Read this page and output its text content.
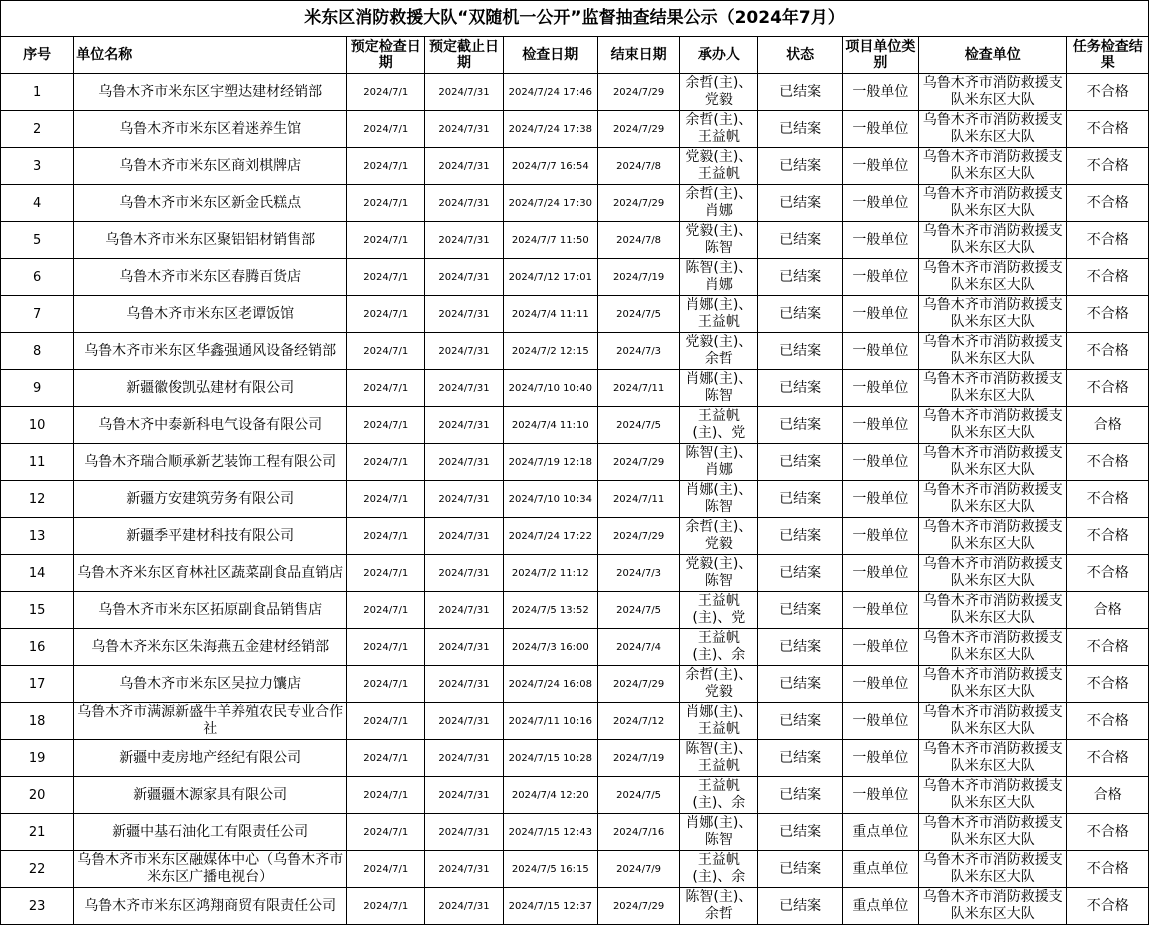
米东区消防救援大队“双随机一公开”监督抽查结果公示（2024年7月）										
序号	单位名称	预定检查日期	预定截止日期	检查日期	结束日期	承办人	状态	项目单位类别	检查单位	任务检查结果
1	乌鲁木齐市米东区宇塑达建材经销部	2024/7/1	2024/7/31	2024/7/24 17:46	2024/7/29	余哲(主)、党毅	已结案	一般单位	乌鲁木齐市消防救援支队米东区大队	不合格
2	乌鲁木齐市米东区着迷养生馆	2024/7/1	2024/7/31	2024/7/24 17:38	2024/7/29	余哲(主)、王益帆	已结案	一般单位	乌鲁木齐市消防救援支队米东区大队	不合格
3	乌鲁木齐市米东区商刘棋牌店	2024/7/1	2024/7/31	2024/7/7 16:54	2024/7/8	党毅(主)、王益帆	已结案	一般单位	乌鲁木齐市消防救援支队米东区大队	不合格
4	乌鲁木齐市米东区新金氏糕点	2024/7/1	2024/7/31	2024/7/24 17:30	2024/7/29	余哲(主)、肖娜	已结案	一般单位	乌鲁木齐市消防救援支队米东区大队	不合格
5	乌鲁木齐市米东区聚铝铝材销售部	2024/7/1	2024/7/31	2024/7/7 11:50	2024/7/8	党毅(主)、陈智	已结案	一般单位	乌鲁木齐市消防救援支队米东区大队	不合格
6	乌鲁木齐市米东区春腾百货店	2024/7/1	2024/7/31	2024/7/12 17:01	2024/7/19	陈智(主)、肖娜	已结案	一般单位	乌鲁木齐市消防救援支队米东区大队	不合格
7	乌鲁木齐市米东区老谭饭馆	2024/7/1	2024/7/31	2024/7/4 11:11	2024/7/5	肖娜(主)、王益帆	已结案	一般单位	乌鲁木齐市消防救援支队米东区大队	不合格
8	乌鲁木齐市米东区华鑫强通风设备经销部	2024/7/1	2024/7/31	2024/7/2 12:15	2024/7/3	党毅(主)、余哲	已结案	一般单位	乌鲁木齐市消防救援支队米东区大队	不合格
9	新疆徽俊凯弘建材有限公司	2024/7/1	2024/7/31	2024/7/10 10:40	2024/7/11	肖娜(主)、陈智	已结案	一般单位	乌鲁木齐市消防救援支队米东区大队	不合格
10	乌鲁木齐中泰新科电气设备有限公司	2024/7/1	2024/7/31	2024/7/4 11:10	2024/7/5	王益帆(主)、党	已结案	一般单位	乌鲁木齐市消防救援支队米东区大队	合格
11	乌鲁木齐瑞合顺承新艺装饰工程有限公司	2024/7/1	2024/7/31	2024/7/19 12:18	2024/7/29	陈智(主)、肖娜	已结案	一般单位	乌鲁木齐市消防救援支队米东区大队	不合格
12	新疆方安建筑劳务有限公司	2024/7/1	2024/7/31	2024/7/10 10:34	2024/7/11	肖娜(主)、陈智	已结案	一般单位	乌鲁木齐市消防救援支队米东区大队	不合格
13	新疆季平建材科技有限公司	2024/7/1	2024/7/31	2024/7/24 17:22	2024/7/29	余哲(主)、党毅	已结案	一般单位	乌鲁木齐市消防救援支队米东区大队	不合格
14	乌鲁木齐米东区育林社区蔬菜副食品直销店	2024/7/1	2024/7/31	2024/7/2 11:12	2024/7/3	党毅(主)、陈智	已结案	一般单位	乌鲁木齐市消防救援支队米东区大队	不合格
15	乌鲁木齐市米东区拓原副食品销售店	2024/7/1	2024/7/31	2024/7/5 13:52	2024/7/5	王益帆(主)、党	已结案	一般单位	乌鲁木齐市消防救援支队米东区大队	合格
16	乌鲁木齐米东区朱海燕五金建材经销部	2024/7/1	2024/7/31	2024/7/3 16:00	2024/7/4	王益帆(主)、余	已结案	一般单位	乌鲁木齐市消防救援支队米东区大队	不合格
17	乌鲁木齐市米东区吴拉力馕店	2024/7/1	2024/7/31	2024/7/24 16:08	2024/7/29	余哲(主)、党毅	已结案	一般单位	乌鲁木齐市消防救援支队米东区大队	不合格
18	乌鲁木齐市满源新盛牛羊养殖农民专业合作社	2024/7/1	2024/7/31	2024/7/11 10:16	2024/7/12	肖娜(主)、王益帆	已结案	一般单位	乌鲁木齐市消防救援支队米东区大队	不合格
19	新疆中麦房地产经纪有限公司	2024/7/1	2024/7/31	2024/7/15 10:28	2024/7/19	陈智(主)、王益帆	已结案	一般单位	乌鲁木齐市消防救援支队米东区大队	不合格
20	新疆疆木源家具有限公司	2024/7/1	2024/7/31	2024/7/4 12:20	2024/7/5	王益帆(主)、余	已结案	一般单位	乌鲁木齐市消防救援支队米东区大队	合格
21	新疆中基石油化工有限责任公司	2024/7/1	2024/7/31	2024/7/15 12:43	2024/7/16	肖娜(主)、陈智	已结案	重点单位	乌鲁木齐市消防救援支队米东区大队	不合格
22	乌鲁木齐市米东区融媒体中心（乌鲁木齐市米东区广播电视台）	2024/7/1	2024/7/31	2024/7/5 16:15	2024/7/9	王益帆(主)、余	已结案	重点单位	乌鲁木齐市消防救援支队米东区大队	不合格
23	乌鲁木齐市米东区鸿翔商贸有限责任公司	2024/7/1	2024/7/31	2024/7/15 12:37	2024/7/29	陈智(主)、余哲	已结案	重点单位	乌鲁木齐市消防救援支队米东区大队	不合格
